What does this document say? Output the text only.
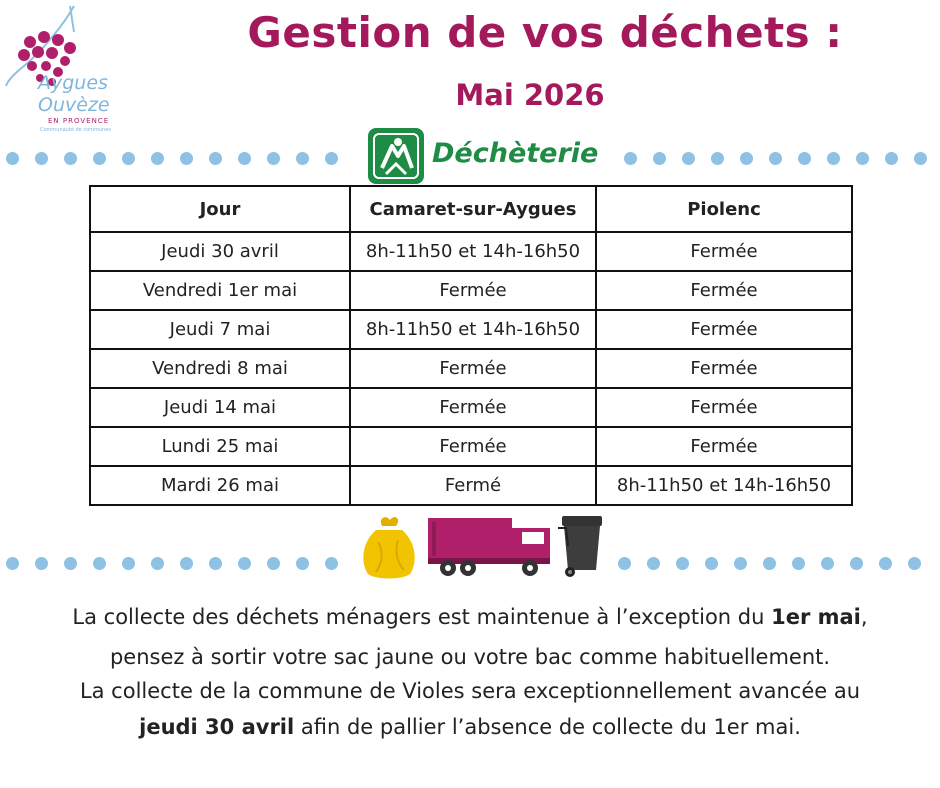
Aygues
Ouvèze
EN PROVENCE
Communauté de communes
Gestion de vos déchets :
Mai 2026
Déchèterie
Jour	Camaret-sur-Aygues	Piolenc
Jeudi 30 avril	8h-11h50 et 14h-16h50	Fermée
Vendredi 1er mai	Fermée	Fermée
Jeudi 7 mai	8h-11h50 et 14h-16h50	Fermée
Vendredi 8 mai	Fermée	Fermée
Jeudi 14 mai	Fermée	Fermée
Lundi 25 mai	Fermée	Fermée
Mardi 26 mai	Fermé	8h-11h50 et 14h-16h50
La collecte des déchets ménagers est maintenue à l’exception du 1er mai,
pensez à sortir votre sac jaune ou votre bac comme habituellement.
La collecte de la commune de Violes sera exceptionnellement avancée au
jeudi 30 avril afin de pallier l’absence de collecte du 1er mai.
